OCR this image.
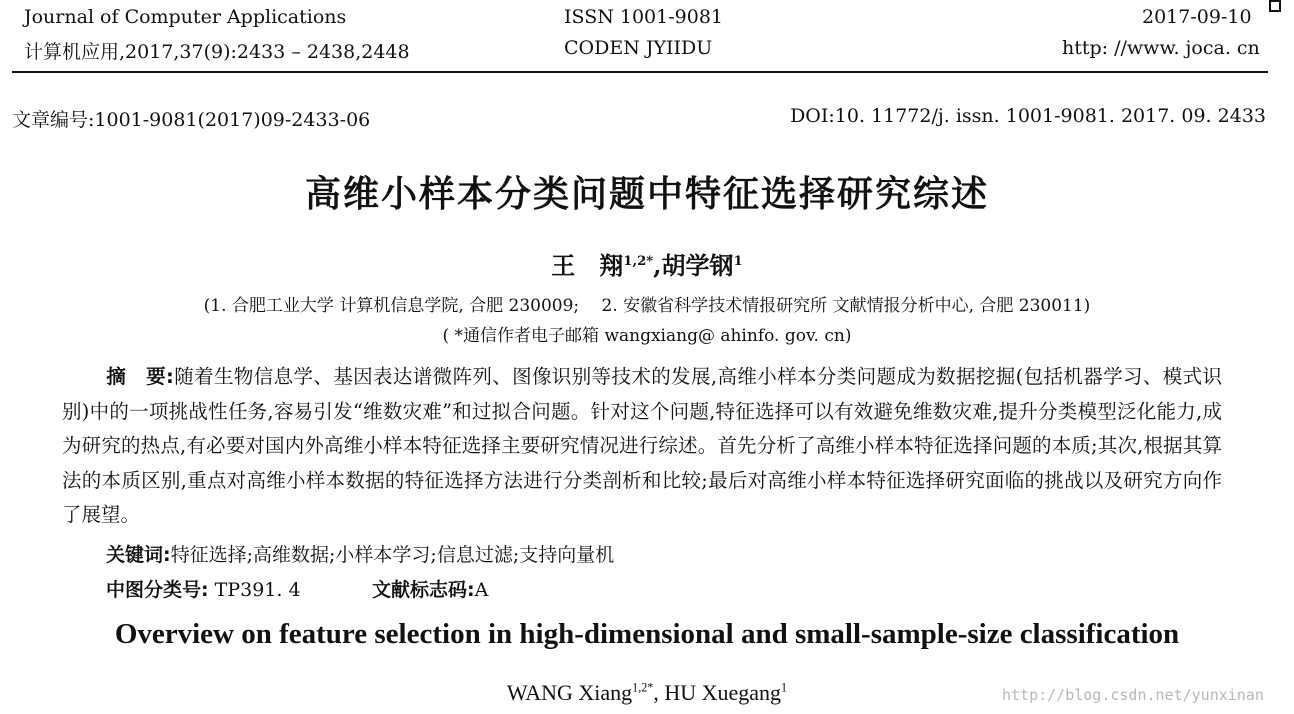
Journal of Computer Applications	ISSN 1001-9081	2017-09-10
计算机应用,2017,37(9):2433 – 2438,2448	CODEN JYIIDU	http: //www. joca. cn
文章编号:1001-9081(2017)09-2433-06	DOI:10. 11772/j. issn. 1001-9081. 2017. 09. 2433
高维小样本分类问题中特征选择研究综述
王　翔$^{1,2*}$,胡学钢$^1$
(1. 合肥工业大学 计算机信息学院, 合肥 230009;　 2. 安徽省科学技术情报研究所 文献情报分析中心, 合肥 230011)
( *通信作者电子邮箱 wangxiang@ ahinfo. gov. cn)
摘　要:随着生物信息学、基因表达谱微阵列、图像识别等技术的发展,高维小样本分类问题成为数据挖掘(包括机器学习、模式识别)中的一项挑战性任务,容易引发“维数灾难”和过拟合问题。针对这个问题,特征选择可以有效避免维数灾难,提升分类模型泛化能力,成为研究的热点,有必要对国内外高维小样本特征选择主要研究情况进行综述。首先分析了高维小样本特征选择问题的本质;其次,根据其算法的本质区别,重点对高维小样本数据的特征选择方法进行分类剖析和比较;最后对高维小样本特征选择研究面临的挑战以及研究方向作了展望。
关键词:特征选择;高维数据;小样本学习;信息过滤;支持向量机
中图分类号: TP391. 4	文献标志码:A
Overview on feature selection in high-dimensional and small-sample-size classification
WANG Xiang$^{1,2*}$, HU Xuegang$^1$	http://blog.csdn.net/yunxinan
